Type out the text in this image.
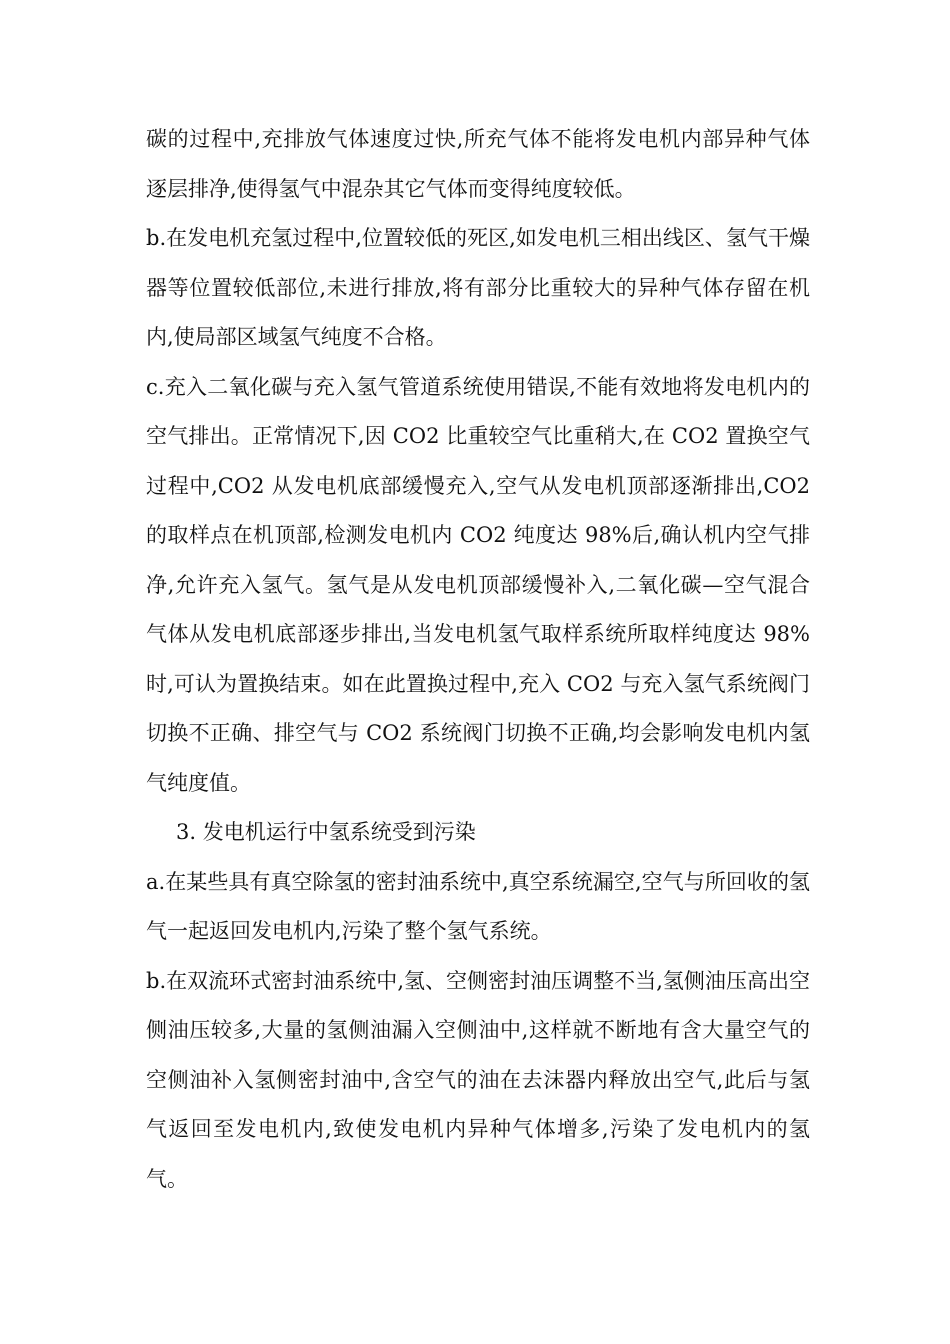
碳的过程中,充排放气体速度过快,所充气体不能将发电机内部异种气体逐层排净,使得氢气中混杂其它气体而变得纯度较低。

b.在发电机充氢过程中,位置较低的死区,如发电机三相出线区、氢气干燥器等位置较低部位,未进行排放,将有部分比重较大的异种气体存留在机内,使局部区域氢气纯度不合格。

c.充入二氧化碳与充入氢气管道系统使用错误,不能有效地将发电机内的空气排出。正常情况下,因 CO2 比重较空气比重稍大,在 CO2 置换空气过程中,CO2 从发电机底部缓慢充入,空气从发电机顶部逐渐排出,CO2 的取样点在机顶部,检测发电机内 CO2 纯度达 98%后,确认机内空气排净,允许充入氢气。氢气是从发电机顶部缓慢补入,二氧化碳—空气混合气体从发电机底部逐步排出,当发电机氢气取样系统所取样纯度达 98%时,可认为置换结束。如在此置换过程中,充入 CO2 与充入氢气系统阀门切换不正确、排空气与 CO2 系统阀门切换不正确,均会影响发电机内氢气纯度值。

3. 发电机运行中氢系统受到污染

a.在某些具有真空除氢的密封油系统中,真空系统漏空,空气与所回收的氢气一起返回发电机内,污染了整个氢气系统。

b.在双流环式密封油系统中,氢、空侧密封油压调整不当,氢侧油压高出空侧油压较多,大量的氢侧油漏入空侧油中,这样就不断地有含大量空气的空侧油补入氢侧密封油中,含空气的油在去沫器内释放出空气,此后与氢气返回至发电机内,致使发电机内异种气体增多,污染了发电机内的氢气。
